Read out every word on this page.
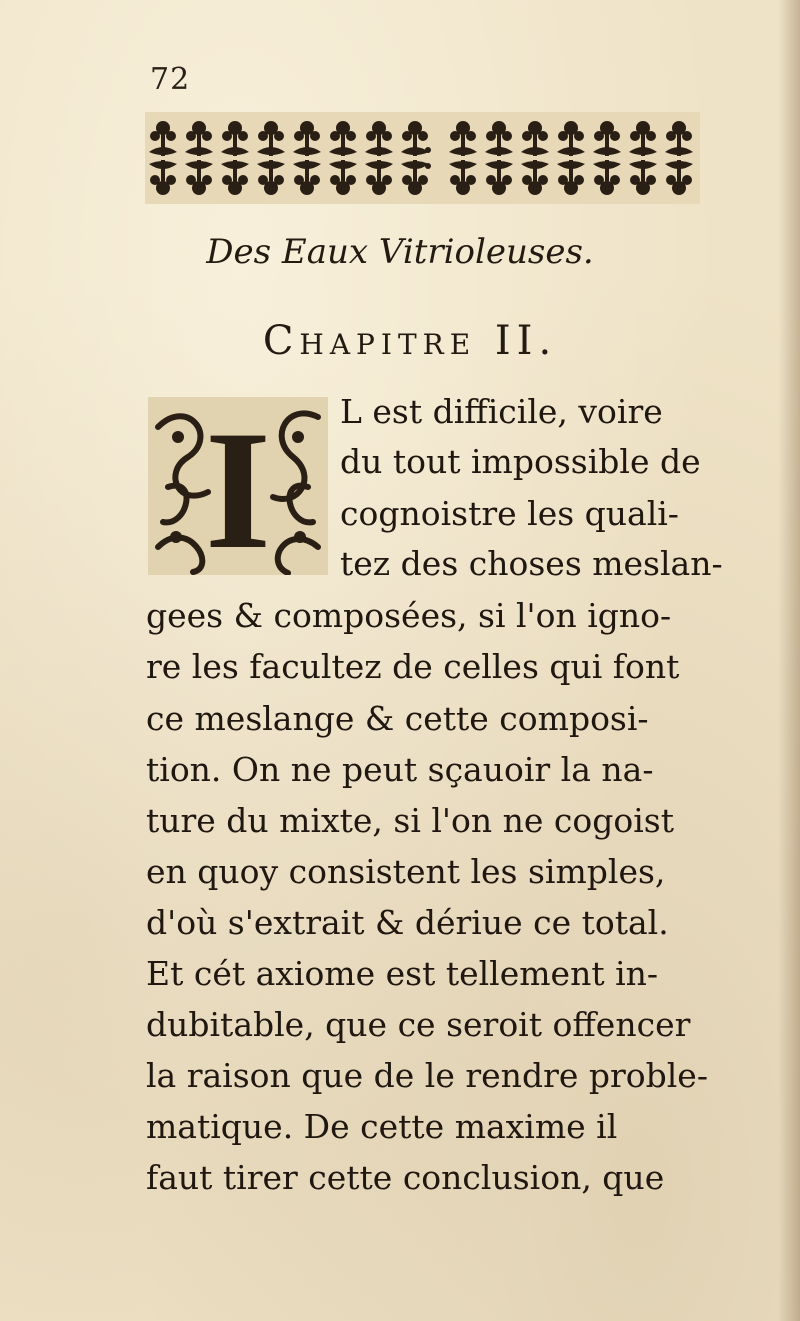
72
Des Eaux Vitrioleuses.
Chapitre II.
I L est difficile, voire
du tout impossible de
cognoistre les quali-
tez des choses meslan-
gees & composées, si l'on igno-
re les facultez de celles qui font
ce meslange & cette composi-
tion. On ne peut sçauoir la na-
ture du mixte, si l'on ne cogoist
en quoy consistent les simples,
d'où s'extrait & dériue ce total.
Et cét axiome est tellement in-
dubitable, que ce seroit offencer
la raison que de le rendre proble-
matique. De cette maxime il
faut tirer cette conclusion, que
